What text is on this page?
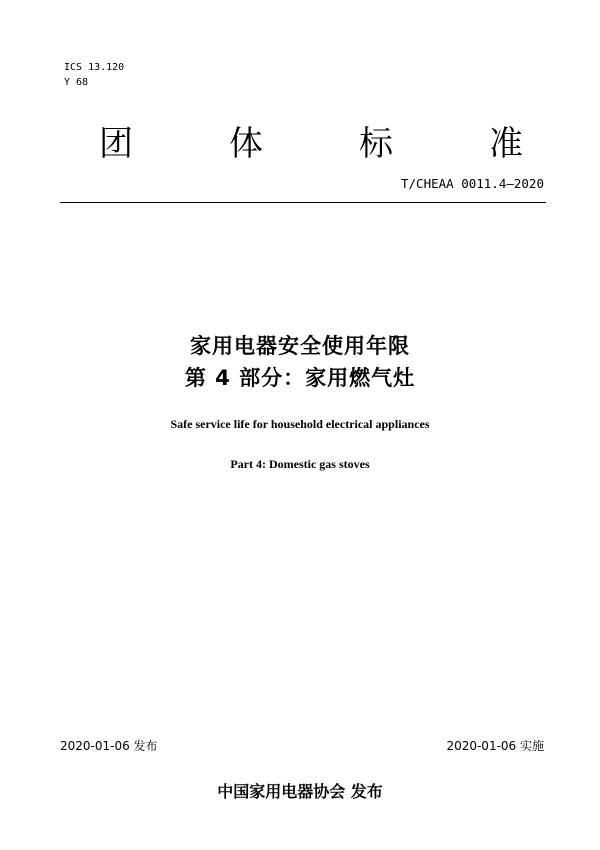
ICS 13.120
Y 68
团	体	标	准
T/CHEAA 0011.4—2020
家用电器安全使用年限
第 4 部分：家用燃气灶
Safe service life for household electrical appliances
Part 4: Domestic gas stoves
2020-01-06 发布	2020-01-06 实施
中国家用电器协会 发布
